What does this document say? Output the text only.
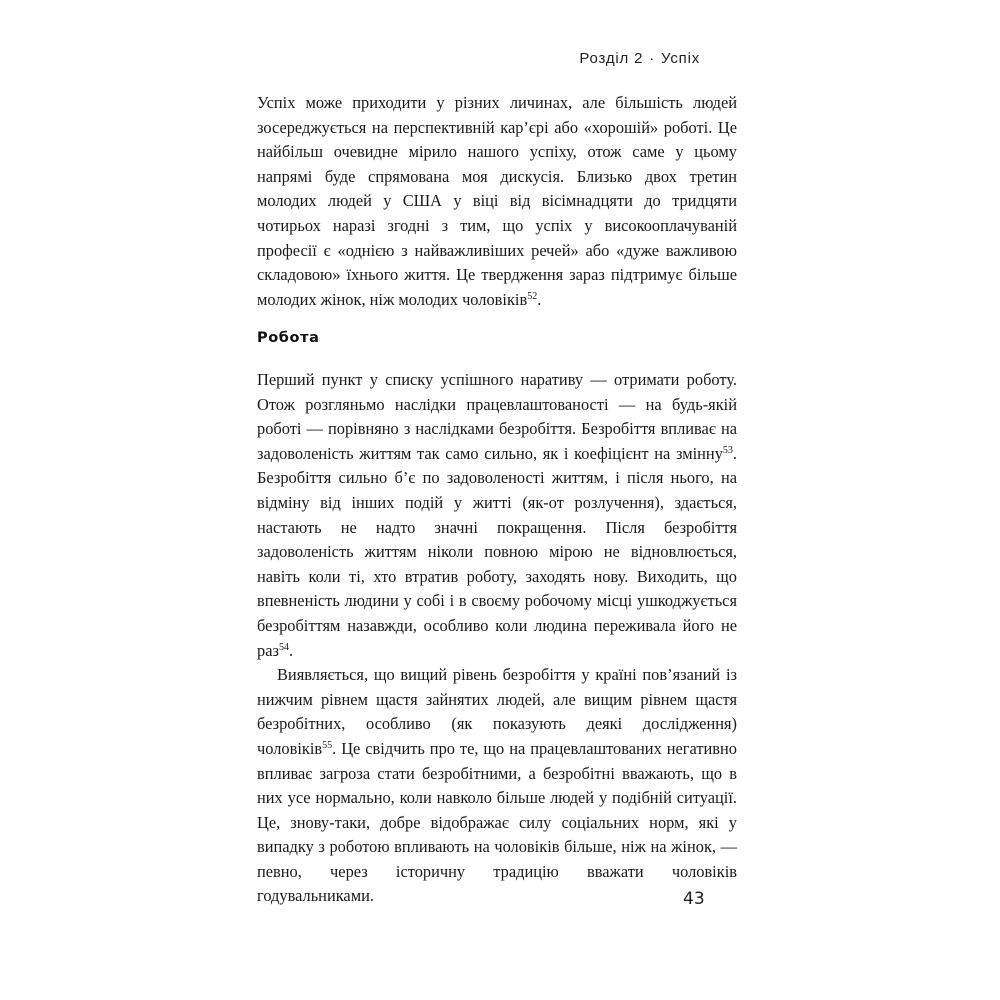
Розділ 2 · Успіх

Успіх може приходити у різних личинах, але більшість людей зосереджується на перспективній кар’єрі або «хорошій» роботі. Це найбільш очевидне мірило нашого успіху, отож саме у цьому напрямі буде спрямована моя дискусія. Близько двох третин молодих людей у США у віці від вісімнадцяти до тридцяти чотирьох наразі згодні з тим, що успіх у високооплачуваній професії є «однією з найважливіших речей» або «дуже важливою складовою» їхнього життя. Це твердження зараз підтримує більше молодих жінок, ніж молодих чоловіків$^{52}$.

Робота

Перший пункт у списку успішного наративу — отримати роботу. Отож розгляньмо наслідки працевлаштованості — на будь-якій роботі — порівняно з наслідками безробіття. Безробіття впливає на задоволеність життям так само сильно, як і коефіцієнт на змінну$^{53}$. Безробіття сильно б’є по задоволеності життям, і після нього, на відміну від інших подій у житті (як-от розлучення), здається, настають не надто значні покращення. Після безробіття задоволеність життям ніколи повною мірою не відновлюється, навіть коли ті, хто втратив роботу, заходять нову. Виходить, що впевненість людини у собі і в своєму робочому місці ушкоджується безробіттям назавжди, особливо коли людина переживала його не раз$^{54}$.

Виявляється, що вищий рівень безробіття у країні пов’язаний із нижчим рівнем щастя зайнятих людей, але вищим рівнем щастя безробітних, особливо (як показують деякі дослідження) чоловіків$^{55}$. Це свідчить про те, що на працевлаштованих негативно впливає загроза стати безробітними, а безробітні вважають, що в них усе нормально, коли навколо більше людей у подібній ситуації. Це, знову-таки, добре відображає силу соціальних норм, які у випадку з роботою впливають на чоловіків більше, ніж на жінок, — певно, через історичну традицію вважати чоловіків годувальниками.	43
